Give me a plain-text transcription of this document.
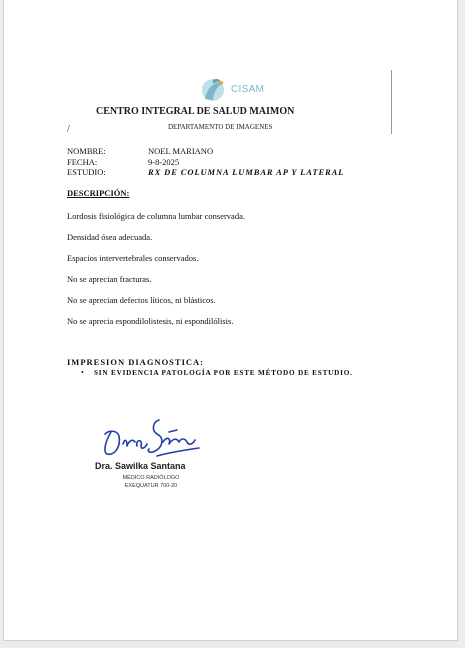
CISAM
CENTRO INTEGRAL DE SALUD MAIMON
DEPARTAMENTO DE IMAGENES
/
NOMBRE:	NOEL MARIANO
FECHA:	9-8-2025
ESTUDIO:	RX DE COLUMNA LUMBAR AP Y LATERAL
DESCRIPCIÓN:
Lordosis fisiológica de columna lumbar conservada.
Densidad ósea adecuada.
Espacios intervertebrales conservados.
No se aprecian fracturas.
No se aprecian defectos líticos, ni blásticos.
No se aprecia espondilolistesis, ni espondilólisis.
IMPRESION DIAGNOSTICA:
• SIN EVIDENCIA PATOLOGÍA POR ESTE MÉTODO DE ESTUDIO.
Dra. Sawilka Santana
MÉDICO RADIÓLOGO
EXEQUATUR 700-20
